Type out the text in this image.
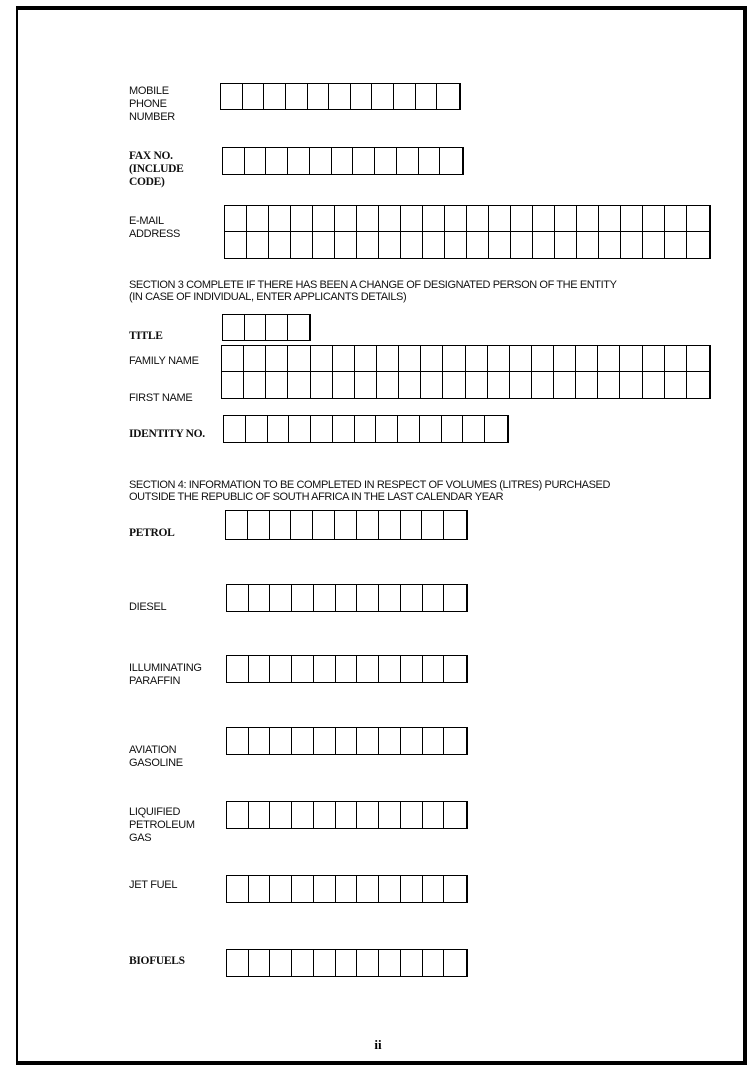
MOBILE
PHONE
NUMBER
FAX NO.
(INCLUDE
CODE)
E-MAIL
ADDRESS
SECTION 3 COMPLETE IF THERE HAS BEEN A CHANGE OF DESIGNATED PERSON OF THE ENTITY
(IN CASE OF INDIVIDUAL, ENTER APPLICANTS DETAILS)
TITLE
FAMILY NAME
FIRST NAME
IDENTITY NO.
SECTION 4: INFORMATION TO BE COMPLETED IN RESPECT OF VOLUMES (LITRES) PURCHASED
OUTSIDE THE REPUBLIC OF SOUTH AFRICA IN THE LAST CALENDAR YEAR
PETROL
DIESEL
ILLUMINATING
PARAFFIN
AVIATION
GASOLINE
LIQUIFIED
PETROLEUM
GAS
JET FUEL
BIOFUELS
ii
